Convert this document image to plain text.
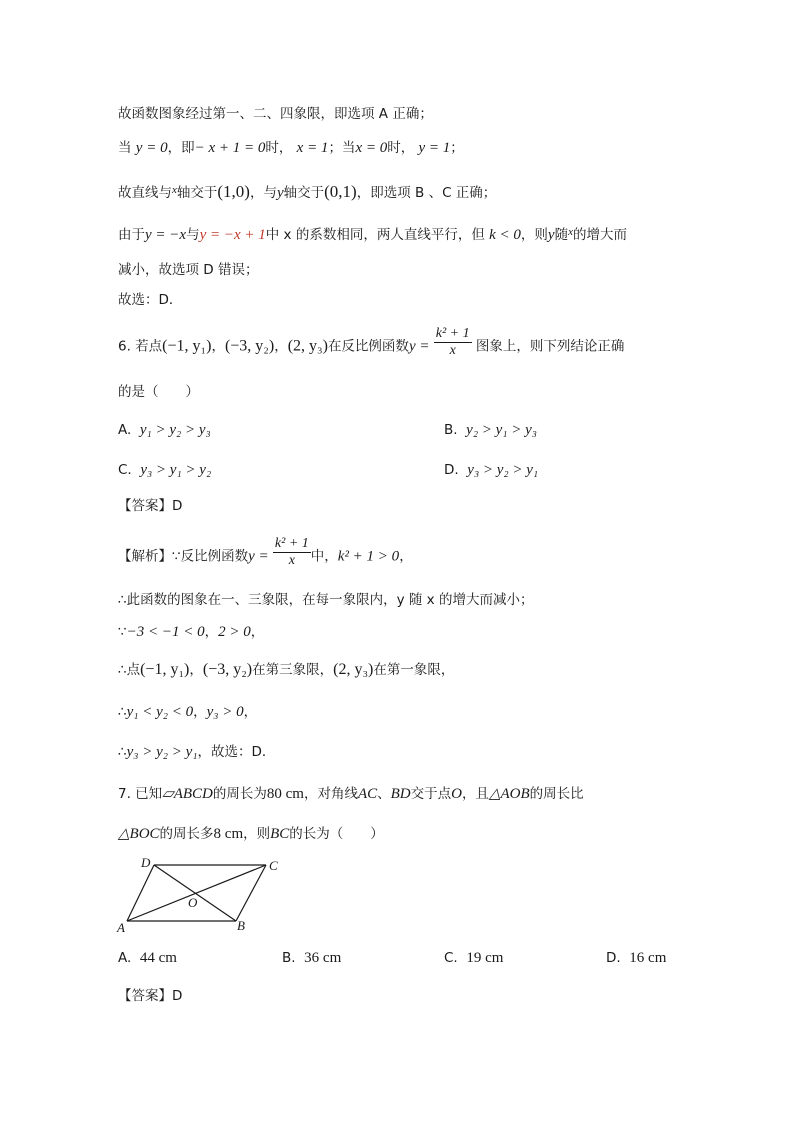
故函数图象经过第一、二、四象限，即选项 A 正确；
当 y = 0，即− x + 1 = 0时， x = 1；当x = 0时， y = 1；
故直线与$^x$轴交于(1,0)，与y轴交于(0,1)，即选项 B 、C 正确；
由于y = −x与y = −x + 1中 x 的系数相同，两人直线平行，但 k < 0，则y随$^x$的增大而
减小，故选项 D 错误；
故选：D．
6. 若点(−1, y₁)，(−3, y₂)，(2, y₃)在反比例函数$y = \frac{\text{k² + 1}}{x}$ 图象上，则下列结论正确
的是（　　）
A. y₁ > y₂ > y₃	B. y₂ > y₁ > y₃
C. y₃ > y₁ > y₂	D. y₃ > y₂ > y₁
【答案】D
【解析】∵反比例函数$y = \frac{\text{k² + 1}}{x}$ 中，k² + 1 > 0，
∴此函数的图象在一、三象限，在每一象限内，y 随 x 的增大而减小；
∵−3 < −1 < 0，2 > 0，
∴点(−1, y₁)，(−3, y₂)在第三象限，(2, y₃)在第一象限，
∴y₁ < y₂ < 0，y₃ > 0，
∴y₃ > y₂ > y₁，故选：D．
7. 已知▱ABCD的周长为80 cm，对角线AC、BD交于点O，且△AOB的周长比
△BOC的周长多8 cm，则BC的长为（　　）
A	B
C
D
O
A. 44 cm	B. 36 cm	C. 19 cm	D. 16 cm
【答案】D
